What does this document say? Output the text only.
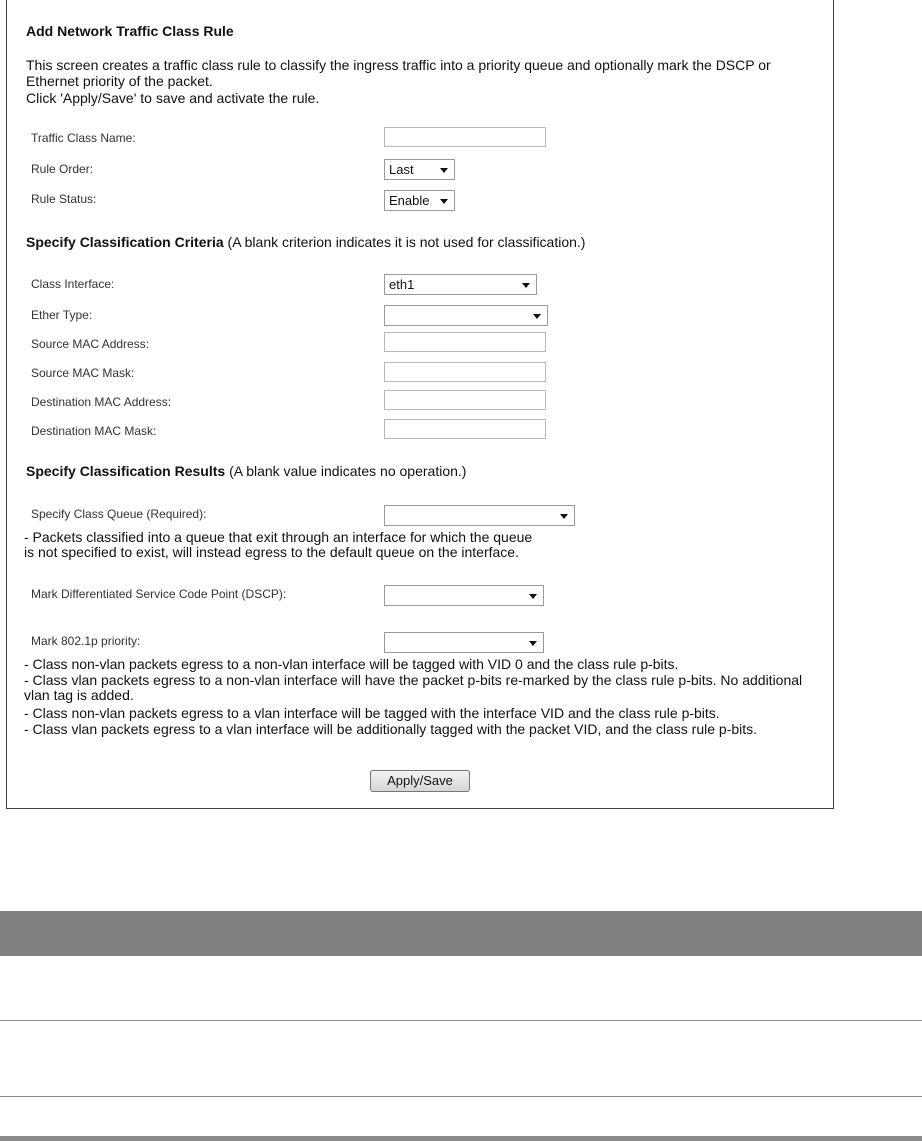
Add Network Traffic Class Rule
This screen creates a traffic class rule to classify the ingress traffic into a priority queue and optionally mark the DSCP or Ethernet priority of the packet.
Click 'Apply/Save' to save and activate the rule.
Traffic Class Name:
Rule Order:	Last
Rule Status:	Enable
Specify Classification Criteria (A blank criterion indicates it is not used for classification.)
Class Interface:	eth1
Ether Type:
Source MAC Address:
Source MAC Mask:
Destination MAC Address:
Destination MAC Mask:
Specify Classification Results (A blank value indicates no operation.)
Specify Class Queue (Required):
- Packets classified into a queue that exit through an interface for which the queue is not specified to exist, will instead egress to the default queue on the interface.
Mark Differentiated Service Code Point (DSCP):
Mark 802.1p priority:
- Class non-vlan packets egress to a non-vlan interface will be tagged with VID 0 and the class rule p-bits.
- Class vlan packets egress to a non-vlan interface will have the packet p-bits re-marked by the class rule p-bits. No additional vlan tag is added.
- Class non-vlan packets egress to a vlan interface will be tagged with the interface VID and the class rule p-bits.
- Class vlan packets egress to a vlan interface will be additionally tagged with the packet VID, and the class rule p-bits.
Apply/Save
